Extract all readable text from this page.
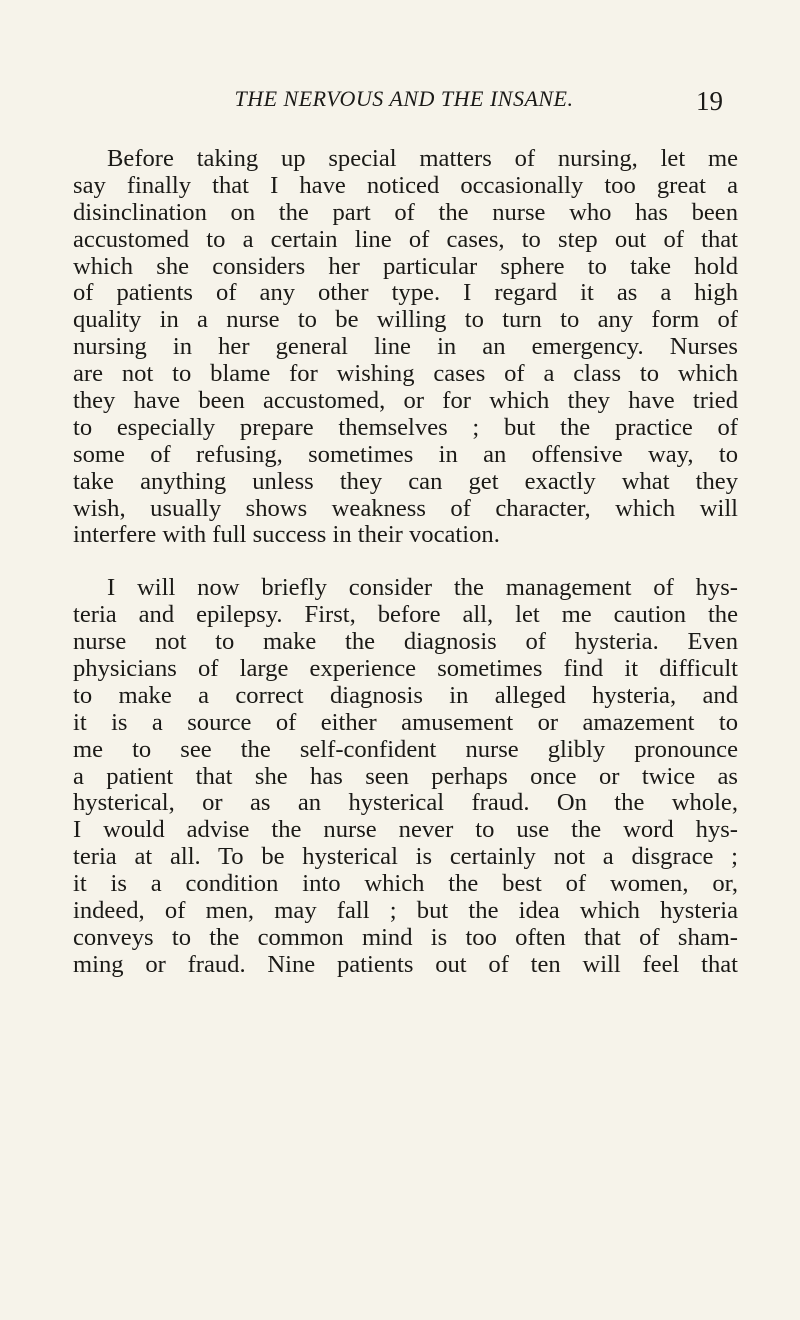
THE NERVOUS AND THE INSANE.	19
Before taking up special matters of nursing, let me
say finally that I have noticed occasionally too great a
disinclination on the part of the nurse who has been
accustomed to a certain line of cases, to step out of that
which she considers her particular sphere to take hold
of patients of any other type. I regard it as a high
quality in a nurse to be willing to turn to any form of
nursing in her general line in an emergency. Nurses
are not to blame for wishing cases of a class to which
they have been accustomed, or for which they have tried
to especially prepare themselves ; but the practice of
some of refusing, sometimes in an offensive way, to
take anything unless they can get exactly what they
wish, usually shows weakness of character, which will
interfere with full success in their vocation.
I will now briefly consider the management of hys-
teria and epilepsy. First, before all, let me caution the
nurse not to make the diagnosis of hysteria. Even
physicians of large experience sometimes find it difficult
to make a correct diagnosis in alleged hysteria, and
it is a source of either amusement or amazement to
me to see the self-confident nurse glibly pronounce
a patient that she has seen perhaps once or twice as
hysterical, or as an hysterical fraud. On the whole,
I would advise the nurse never to use the word hys-
teria at all. To be hysterical is certainly not a disgrace ;
it is a condition into which the best of women, or,
indeed, of men, may fall ; but the idea which hysteria
conveys to the common mind is too often that of sham-
ming or fraud. Nine patients out of ten will feel that
